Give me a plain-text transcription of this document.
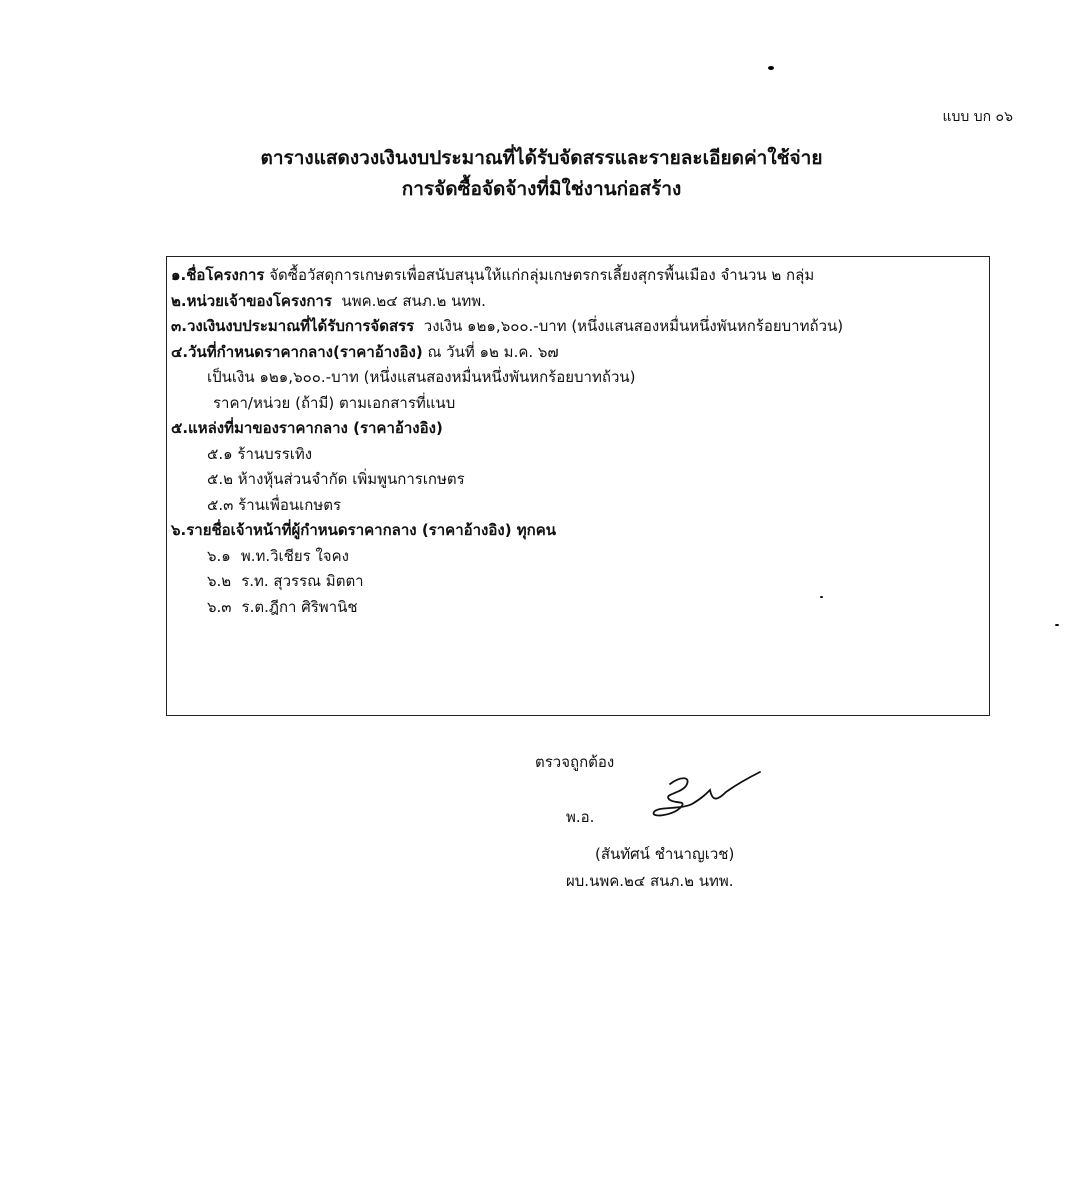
แบบ บก ๐๖
ตารางแสดงวงเงินงบประมาณที่ได้รับจัดสรรและรายละเอียดค่าใช้จ่าย
การจัดซื้อจัดจ้างที่มิใช่งานก่อสร้าง
๑.ชื่อโครงการ จัดซื้อวัสดุการเกษตรเพื่อสนับสนุนให้แก่กลุ่มเกษตรกรเลี้ยงสุกรพื้นเมือง จำนวน ๒ กลุ่ม
๒.หน่วยเจ้าของโครงการ นพค.๒๔ สนภ.๒ นทพ.
๓.วงเงินงบประมาณที่ได้รับการจัดสรร วงเงิน ๑๒๑,๖๐๐.-บาท (หนึ่งแสนสองหมื่นหนึ่งพันหกร้อยบาทถ้วน)
๔.วันที่กำหนดราคากลาง(ราคาอ้างอิง) ณ วันที่ ๑๒ ม.ค. ๖๗
เป็นเงิน ๑๒๑,๖๐๐.-บาท (หนึ่งแสนสองหมื่นหนึ่งพันหกร้อยบาทถ้วน)
ราคา/หน่วย (ถ้ามี) ตามเอกสารที่แนบ
๕.แหล่งที่มาของราคากลาง (ราคาอ้างอิง)
๕.๑ ร้านบรรเทิง
๕.๒ ห้างหุ้นส่วนจำกัด เพิ่มพูนการเกษตร
๕.๓ ร้านเพื่อนเกษตร
๖.รายชื่อเจ้าหน้าที่ผู้กำหนดราคากลาง (ราคาอ้างอิง) ทุกคน
๖.๑ พ.ท.วิเชียร ใจคง
๖.๒ ร.ท. สุวรรณ มิตตา
๖.๓ ร.ต.ฎีกา ศิริพานิช
ตรวจถูกต้อง
พ.อ.
(สันทัศน์ ชำนาญเวช)
ผบ.นพค.๒๔ สนภ.๒ นทพ.
